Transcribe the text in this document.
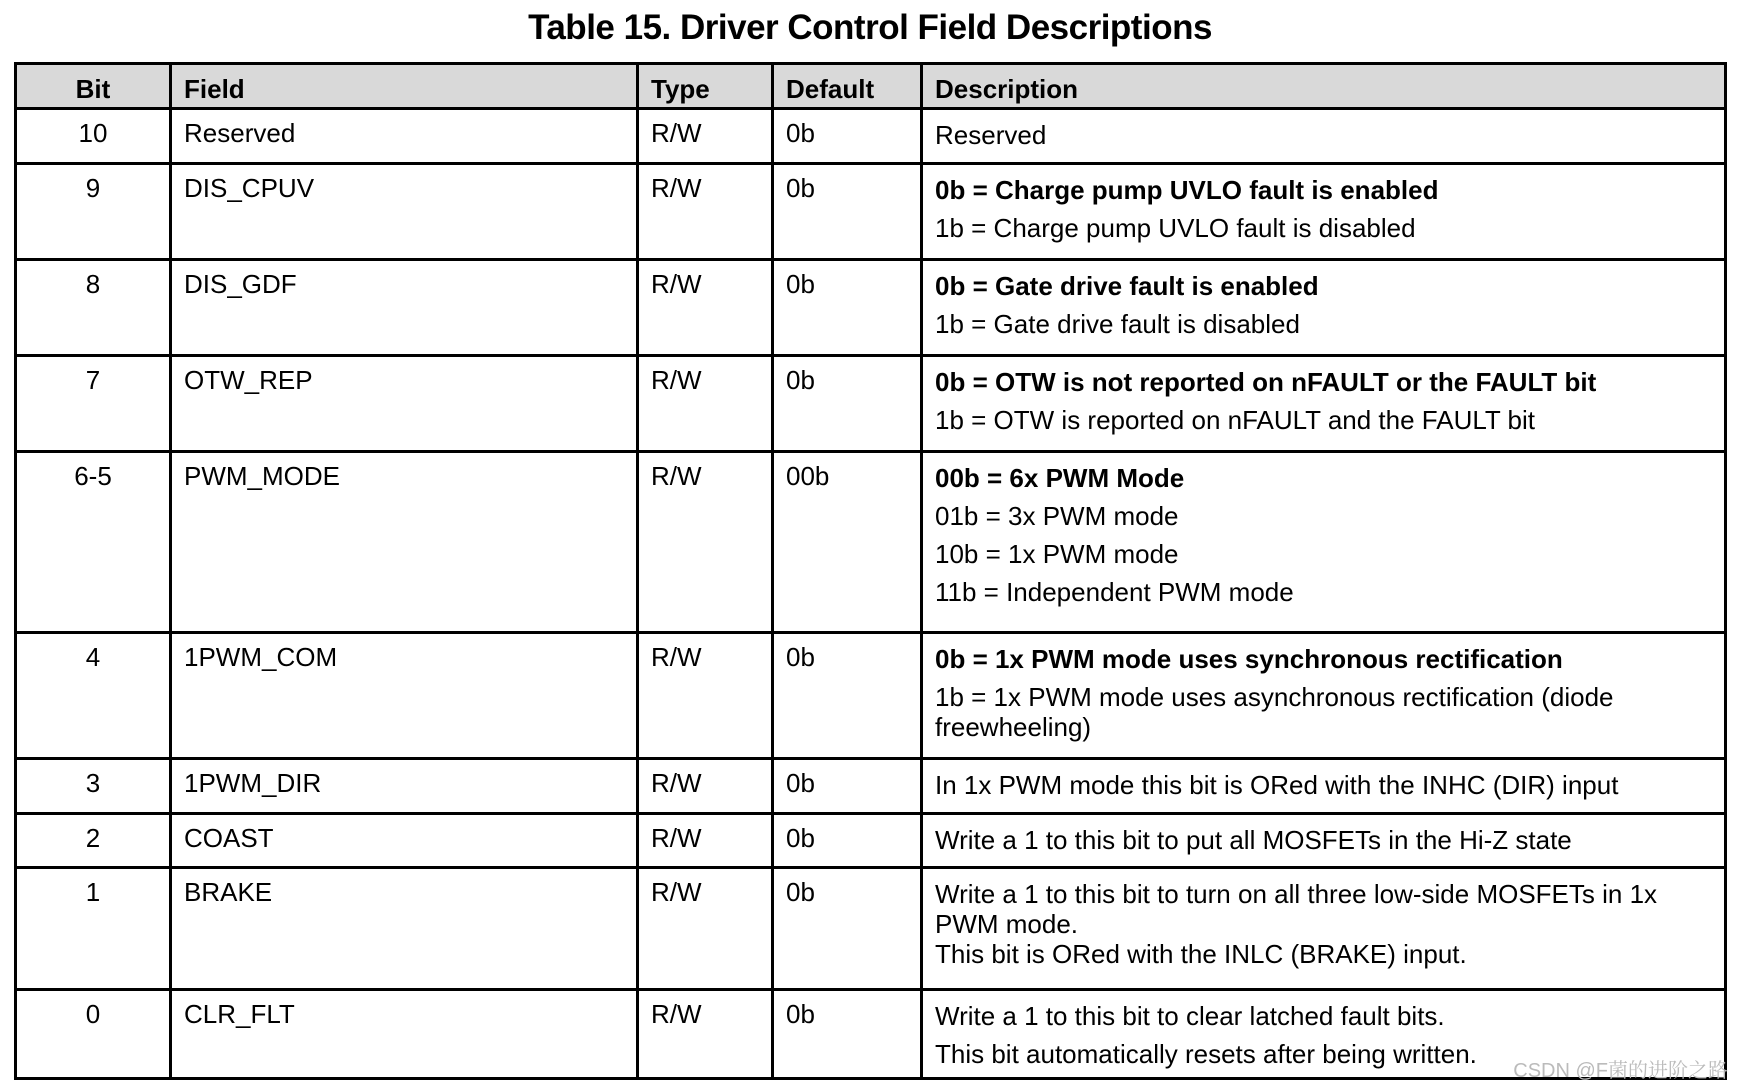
Table 15. Driver Control Field Descriptions
Bit	Field	Type	Default	Description
10	Reserved	R/W	0b	Reserved

9	DIS_CPUV	R/W	0b	0b = Charge pump UVLO fault is enabled
1b = Charge pump UVLO fault is disabled

8	DIS_GDF	R/W	0b	0b = Gate drive fault is enabled
1b = Gate drive fault is disabled

7	OTW_REP	R/W	0b	0b = OTW is not reported on nFAULT or the FAULT bit
1b = OTW is reported on nFAULT and the FAULT bit

6-5	PWM_MODE	R/W	00b	00b = 6x PWM Mode
01b = 3x PWM mode
10b = 1x PWM mode
11b = Independent PWM mode

4	1PWM_COM	R/W	0b	0b = 1x PWM mode uses synchronous rectification
1b = 1x PWM mode uses asynchronous rectification (diode freewheeling)

3	1PWM_DIR	R/W	0b	In 1x PWM mode this bit is ORed with the INHC (DIR) input

2	COAST	R/W	0b	Write a 1 to this bit to put all MOSFETs in the Hi-Z state

1	BRAKE	R/W	0b	Write a 1 to this bit to turn on all three low-side MOSFETs in 1x PWM mode.
This bit is ORed with the INLC (BRAKE) input.

0	CLR_FLT	R/W	0b	Write a 1 to this bit to clear latched fault bits.
This bit automatically resets after being written.
CSDN @F菌的进阶之路
